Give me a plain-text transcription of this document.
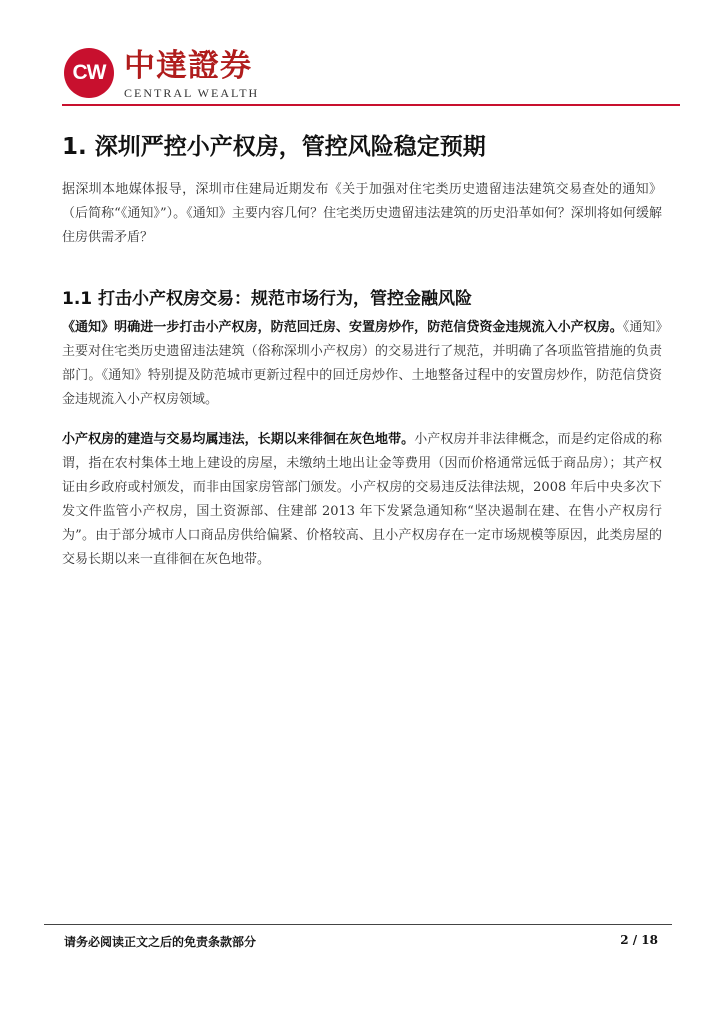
CW 中達證券
CENTRAL WEALTH
1. 深圳严控小产权房，管控风险稳定预期
据深圳本地媒体报导，深圳市住建局近期发布《关于加强对住宅类历史遗留违法建筑交易查处的通知》（后简称“《通知》”）。《通知》主要内容几何？住宅类历史遗留违法建筑的历史沿革如何？深圳将如何缓解住房供需矛盾？
1.1 打击小产权房交易：规范市场行为，管控金融风险
《通知》明确进一步打击小产权房，防范回迁房、安置房炒作，防范信贷资金违规流入小产权房。《通知》主要对住宅类历史遗留违法建筑（俗称深圳小产权房）的交易进行了规范，并明确了各项监管措施的负责部门。《通知》特别提及防范城市更新过程中的回迁房炒作、土地整备过程中的安置房炒作，防范信贷资金违规流入小产权房领域。
小产权房的建造与交易均属违法，长期以来徘徊在灰色地带。小产权房并非法律概念，而是约定俗成的称谓，指在农村集体土地上建设的房屋，未缴纳土地出让金等费用（因而价格通常远低于商品房）；其产权证由乡政府或村颁发，而非由国家房管部门颁发。小产权房的交易违反法律法规，2008 年后中央多次下发文件监管小产权房，国土资源部、住建部 2013 年下发紧急通知称“坚决遏制在建、在售小产权房行为”。由于部分城市人口商品房供给偏紧、价格较高、且小产权房存在一定市场规模等原因，此类房屋的交易长期以来一直徘徊在灰色地带。
请务必阅读正文之后的免责条款部分	2 / 18
